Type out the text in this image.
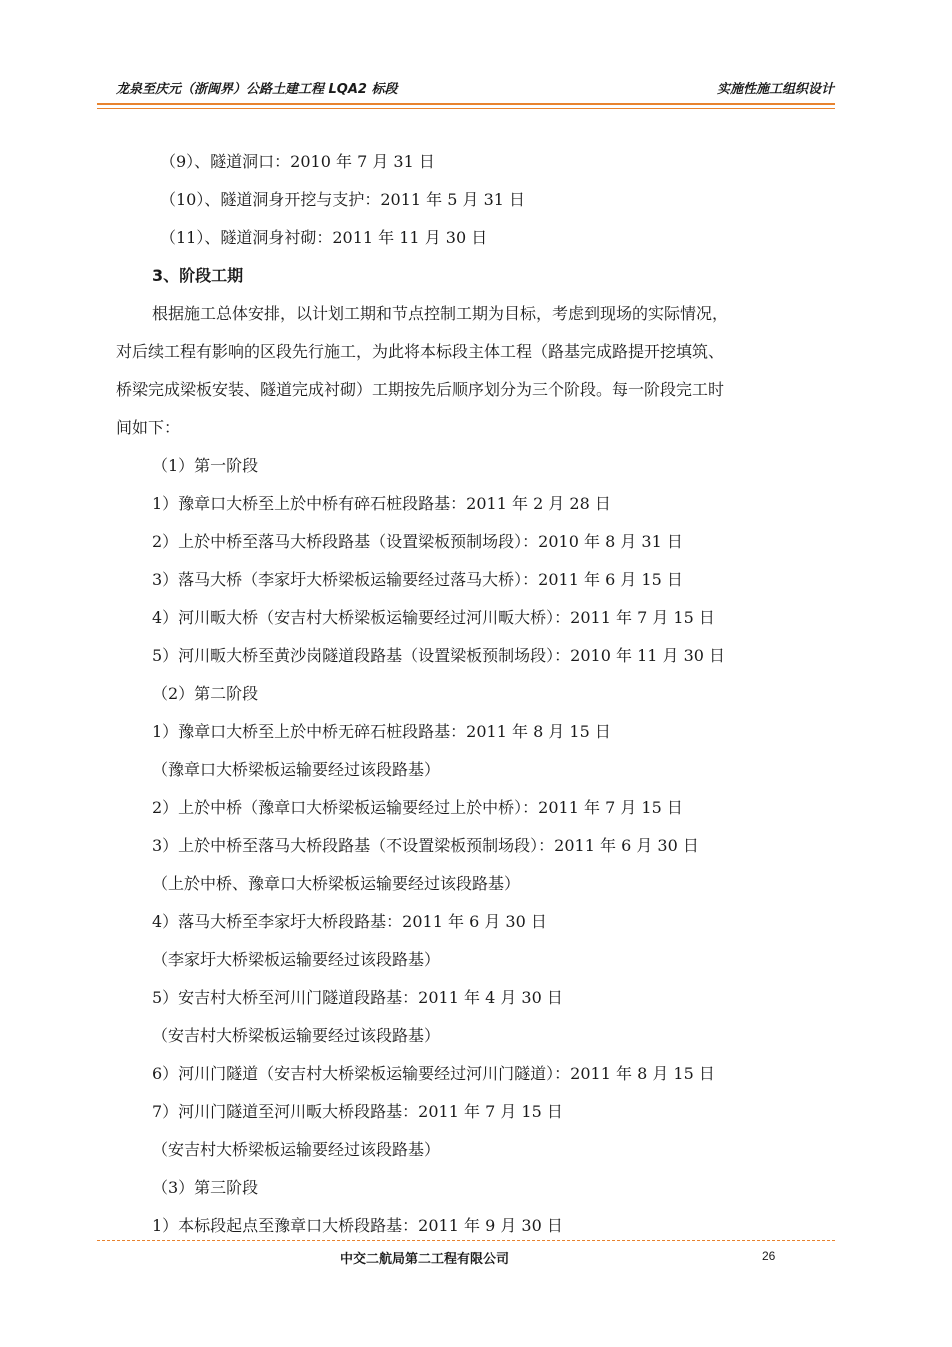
龙泉至庆元（浙闽界）公路土建工程 LQA2 标段	实施性施工组织设计
（9）、隧道洞口：2010 年 7 月 31 日
（10）、隧道洞身开挖与支护：2011 年 5 月 31 日
（11）、隧道洞身衬砌：2011 年 11 月 30 日
3、阶段工期
根据施工总体安排，以计划工期和节点控制工期为目标，考虑到现场的实际情况，
对后续工程有影响的区段先行施工，为此将本标段主体工程（路基完成路提开挖填筑、
桥梁完成梁板安装、隧道完成衬砌）工期按先后顺序划分为三个阶段。每一阶段完工时
间如下：
（1）第一阶段
1）豫章口大桥至上於中桥有碎石桩段路基：2011 年 2 月 28 日
2）上於中桥至落马大桥段路基（设置梁板预制场段）：2010 年 8 月 31 日
3）落马大桥（李家圩大桥梁板运输要经过落马大桥）：2011 年 6 月 15 日
4）河川畈大桥（安吉村大桥梁板运输要经过河川畈大桥）：2011 年 7 月 15 日
5）河川畈大桥至黄沙岗隧道段路基（设置梁板预制场段）：2010 年 11 月 30 日
（2）第二阶段
1）豫章口大桥至上於中桥无碎石桩段路基：2011 年 8 月 15 日
（豫章口大桥梁板运输要经过该段路基）
2）上於中桥（豫章口大桥梁板运输要经过上於中桥）：2011 年 7 月 15 日
3）上於中桥至落马大桥段路基（不设置梁板预制场段）：2011 年 6 月 30 日
（上於中桥、豫章口大桥梁板运输要经过该段路基）
4）落马大桥至李家圩大桥段路基：2011 年 6 月 30 日
（李家圩大桥梁板运输要经过该段路基）
5）安吉村大桥至河川门隧道段路基：2011 年 4 月 30 日
（安吉村大桥梁板运输要经过该段路基）
6）河川门隧道（安吉村大桥梁板运输要经过河川门隧道）：2011 年 8 月 15 日
7）河川门隧道至河川畈大桥段路基：2011 年 7 月 15 日
（安吉村大桥梁板运输要经过该段路基）
（3）第三阶段
1）本标段起点至豫章口大桥段路基：2011 年 9 月 30 日
中交二航局第二工程有限公司	26
